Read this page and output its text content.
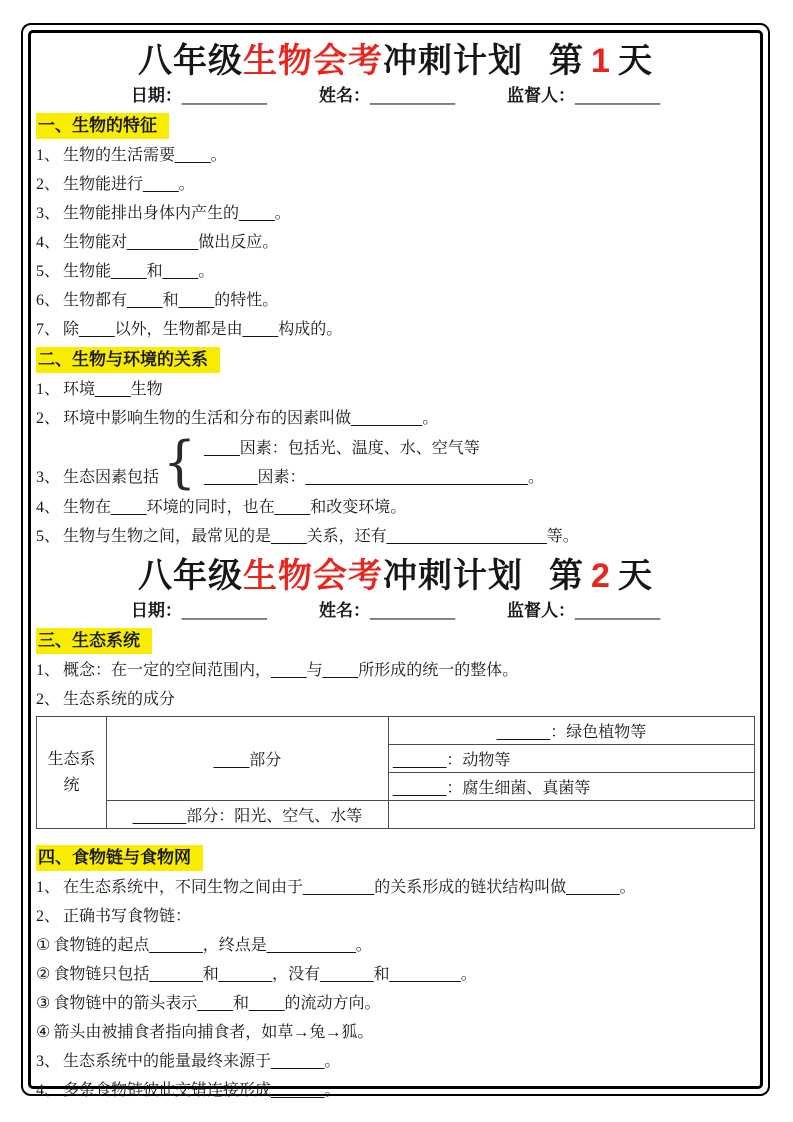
八年级生物会考冲刺计划 第 1 天
日期：_________	姓名：_________	监督人：_________
一、生物的特征
1、 生物的生活需要____。
2、 生物能进行____。
3、 生物能排出身体内产生的____。
4、 生物能对________做出反应。
5、 生物能____和____。
6、 生物都有____和____的特性。
7、 除____以外，生物都是由____构成的。
二、生物与环境的关系
1、 环境____生物
2、 环境中影响生物的生活和分布的因素叫做________。
3、 生态因素包括 { ____因素：包括光、温度、水、空气等
______因素：_________________________。
4、 生物在____环境的同时，也在____和改变环境。
5、 生物与生物之间，最常见的是____关系，还有__________________等。
八年级生物会考冲刺计划 第 2 天
日期：_________	姓名：_________	监督人：_________
三、生态系统
1、 概念：在一定的空间范围内，____与____所形成的统一的整体。
2、 生态系统的成分
生态系统	____部分	______：绿色植物等
		______：动物等
		______：腐生细菌、真菌等
	______部分：阳光、空气、水等	
四、食物链与食物网
1、 在生态系统中，不同生物之间由于________的关系形成的链状结构叫做______。
2、 正确书写食物链：
① 食物链的起点______，终点是__________。
② 食物链只包括______和______，没有______和________。
③ 食物链中的箭头表示____和____的流动方向。
④ 箭头由被捕食者指向捕食者，如草→兔→狐。
3、 生态系统中的能量最终来源于______。
4、 多条食物链彼此交错连接形成______。
